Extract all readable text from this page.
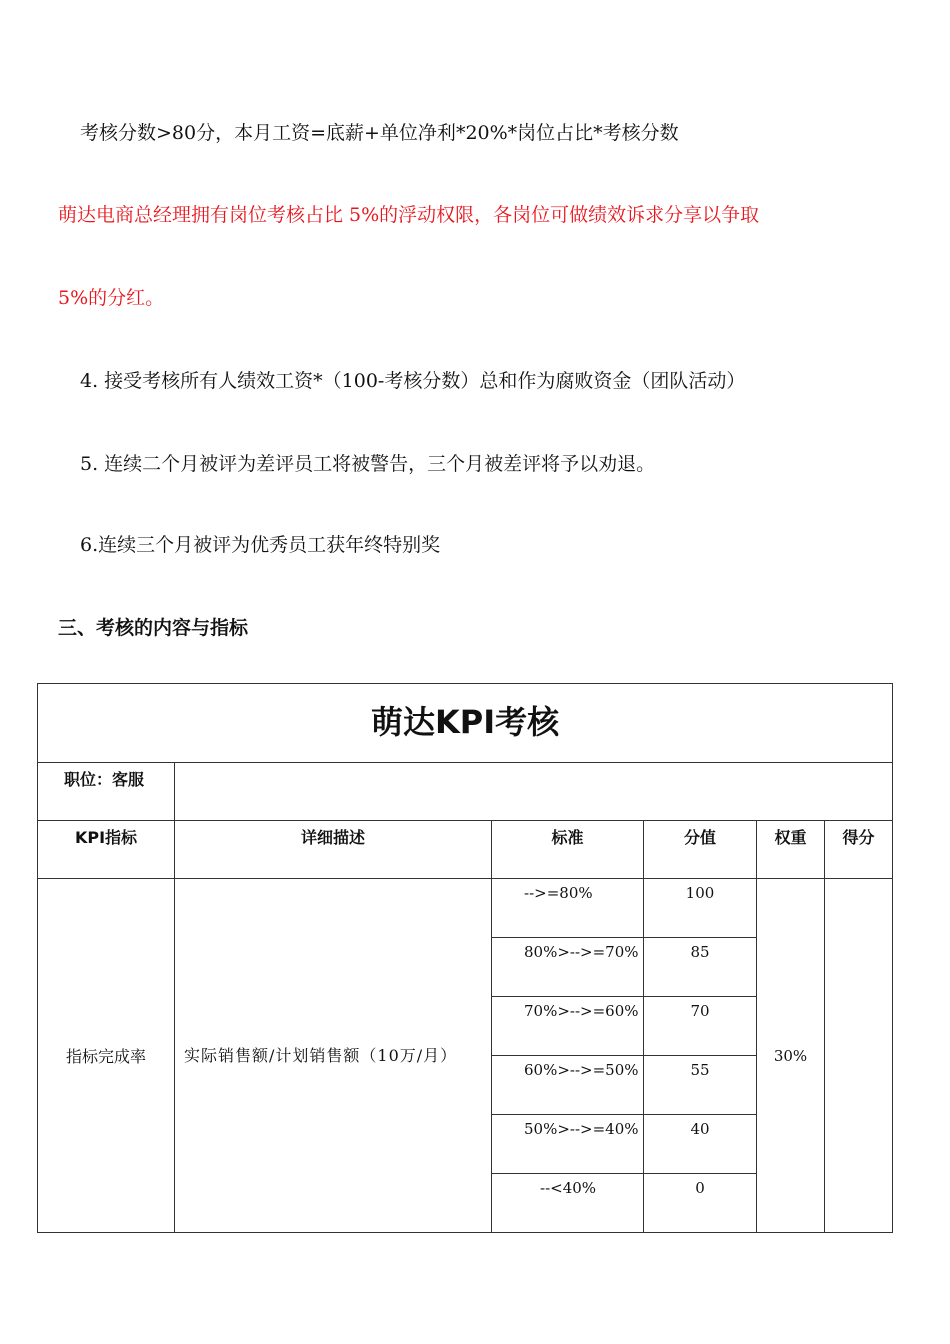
考核分数>80分，本月工资=底薪+单位净利*20%*岗位占比*考核分数
萌达电商总经理拥有岗位考核占比 5%的浮动权限，各岗位可做绩效诉求分享以争取
5%的分红。
4. 接受考核所有人绩效工资*（100-考核分数）总和作为腐败资金（团队活动）
5. 连续二个月被评为差评员工将被警告，三个月被差评将予以劝退。
6.连续三个月被评为优秀员工获年终特别奖
三、考核的内容与指标
萌达KPI考核					
职位：客服					
KPI指标	详细描述	标准	分值	权重	得分
指标完成率	实际销售额/计划销售额（10万/月）	-->=80%	100	30%	
		80%>-->=70%	85		
		70%>-->=60%	70		
		60%>-->=50%	55		
		50%>-->=40%	40		
		--<40%	0		
